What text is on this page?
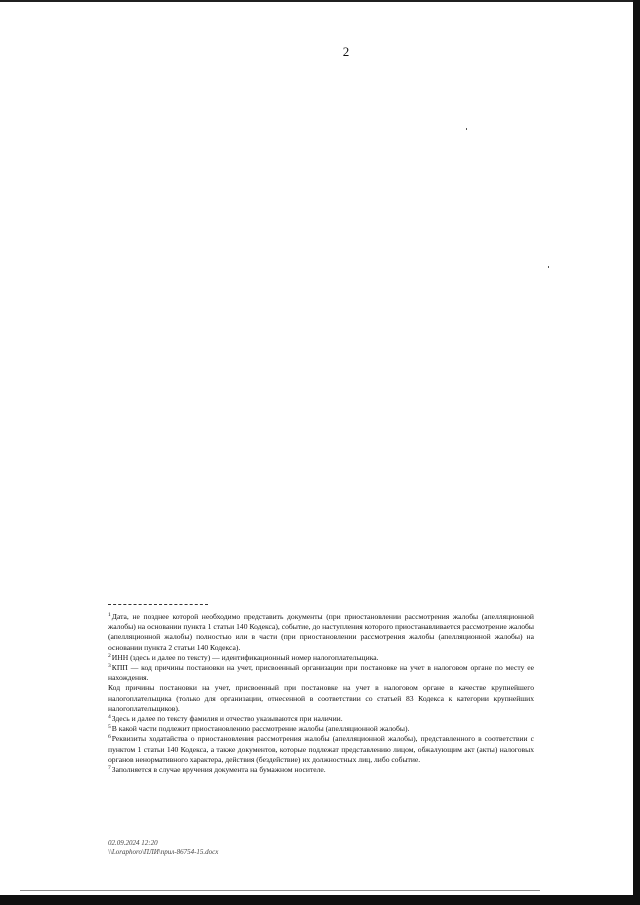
2

$^1$Дата, не позднее которой необходимо представить документы (при приостановлении рассмотрения жалобы (апелляционной жалобы) на основании пункта 1 статьи 140 Кодекса), событие, до наступления которого приостанавливается рассмотрение жалобы (апелляционной жалобы) полностью или в части (при приостановлении рассмотрения жалобы (апелляционной жалобы) на основании пункта 2 статьи 140 Кодекса).

$^2$ИНН (здесь и далее по тексту) — идентификационный номер налогоплательщика.

$^3$КПП — код причины постановки на учет, присвоенный организации при постановке на учет в налоговом органе по месту ее нахождения.

Код причины постановки на учет, присвоенный при постановке на учет в налоговом органе в качестве крупнейшего налогоплательщика (только для организации, отнесенной в соответствии со статьей 83 Кодекса к категории крупнейших налогоплательщиков).

$^4$Здесь и далее по тексту фамилия и отчество указываются при наличии.

$^5$В какой части подлежит приостановлению рассмотрение жалобы (апелляционной жалобы).

$^6$Реквизиты ходатайства о приостановления рассмотрения жалобы (апелляционной жалобы), представленного в соответствии с пунктом 1 статьи 140 Кодекса, а также документов, которые подлежат представлению лицом, обжалующим акт (акты) налоговых органов ненормативного характера, действия (бездействие) их должностных лиц, либо событие.

$^7$Заполняется в случае вручения документа на бумажном носителе.

02.09.2024 12:20
\\Loraphoro\ПЛИ\прил-86754-15.docx
